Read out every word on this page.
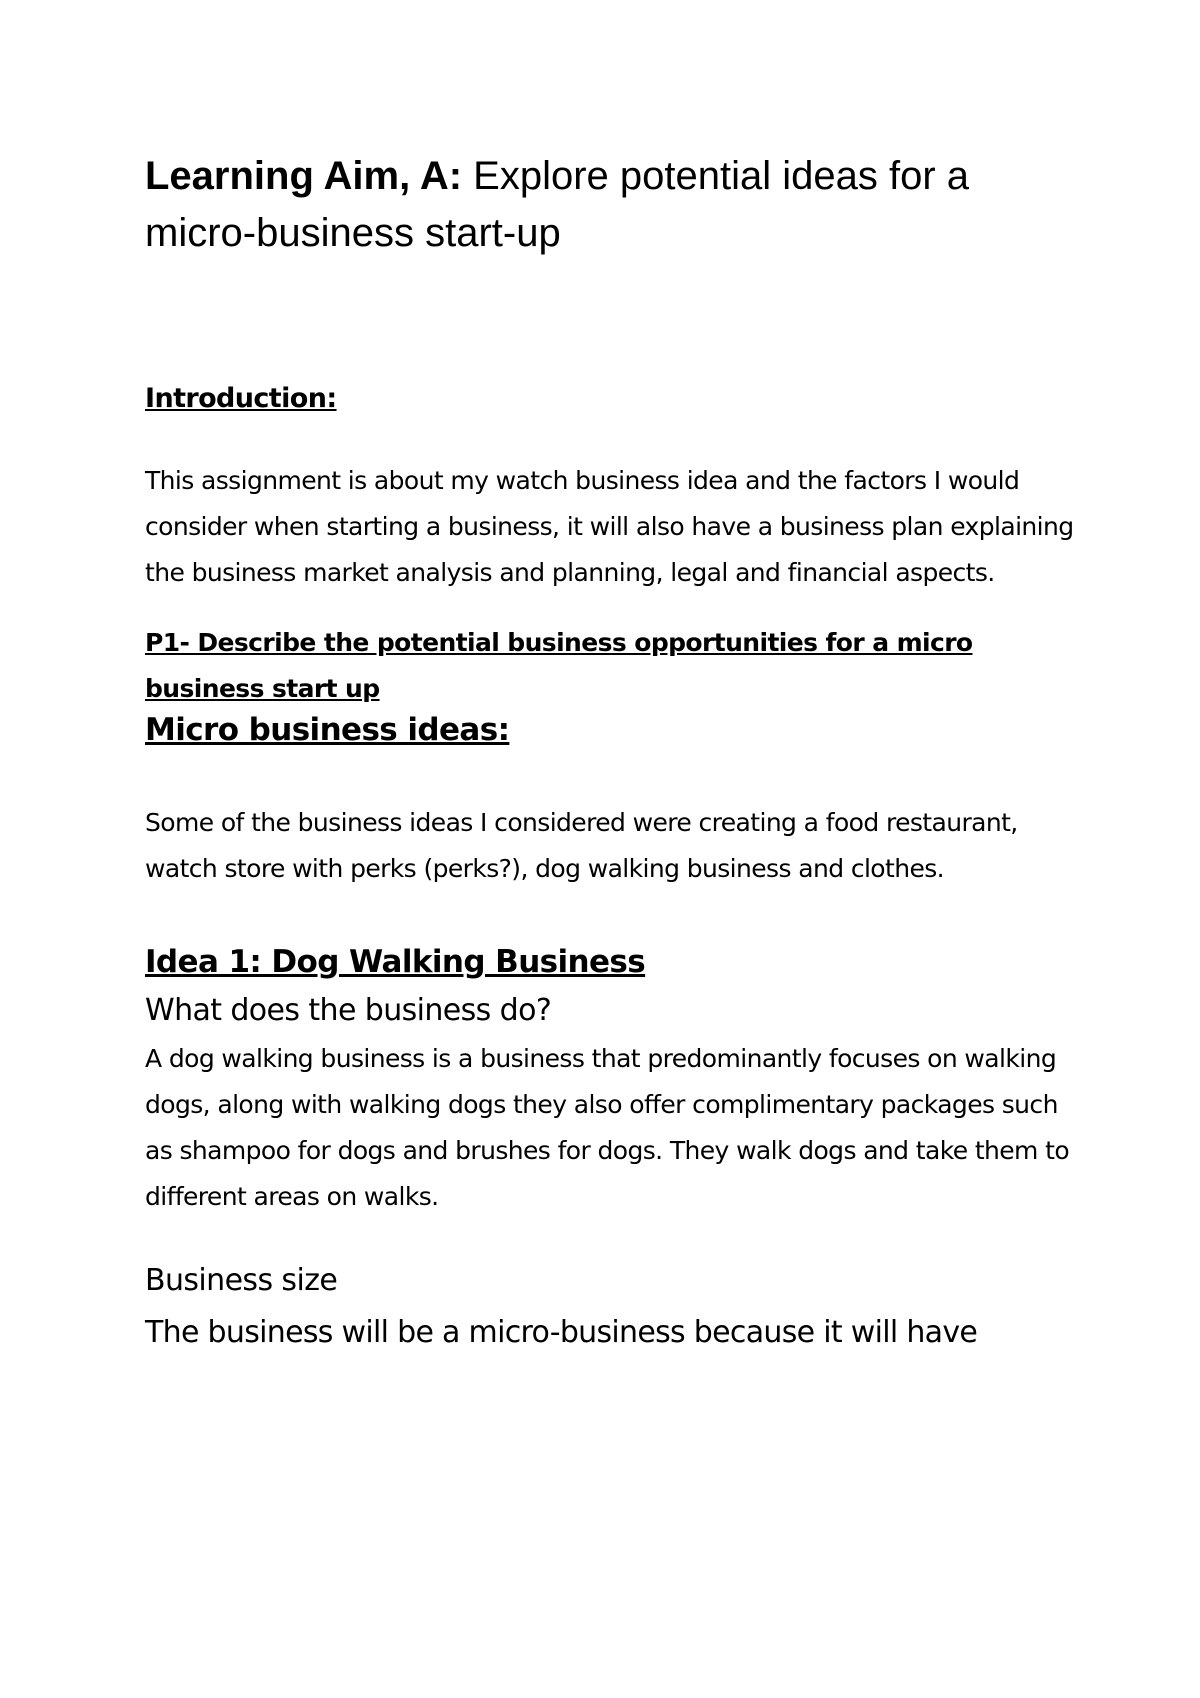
Learning Aim, A: Explore potential ideas for a micro-business start-up
Introduction:

This assignment is about my watch business idea and the factors I would consider when starting a business, it will also have a business plan explaining the business market analysis and planning, legal and financial aspects.

P1- Describe the potential business opportunities for a micro business start up
Micro business ideas:

Some of the business ideas I considered were creating a food restaurant, watch store with perks (perks?), dog walking business and clothes.

Idea 1: Dog Walking Business
What does the business do?

A dog walking business is a business that predominantly focuses on walking dogs, along with walking dogs they also offer complimentary packages such as shampoo for dogs and brushes for dogs. They walk dogs and take them to different areas on walks.

Business size

The business will be a micro-business because it will have
